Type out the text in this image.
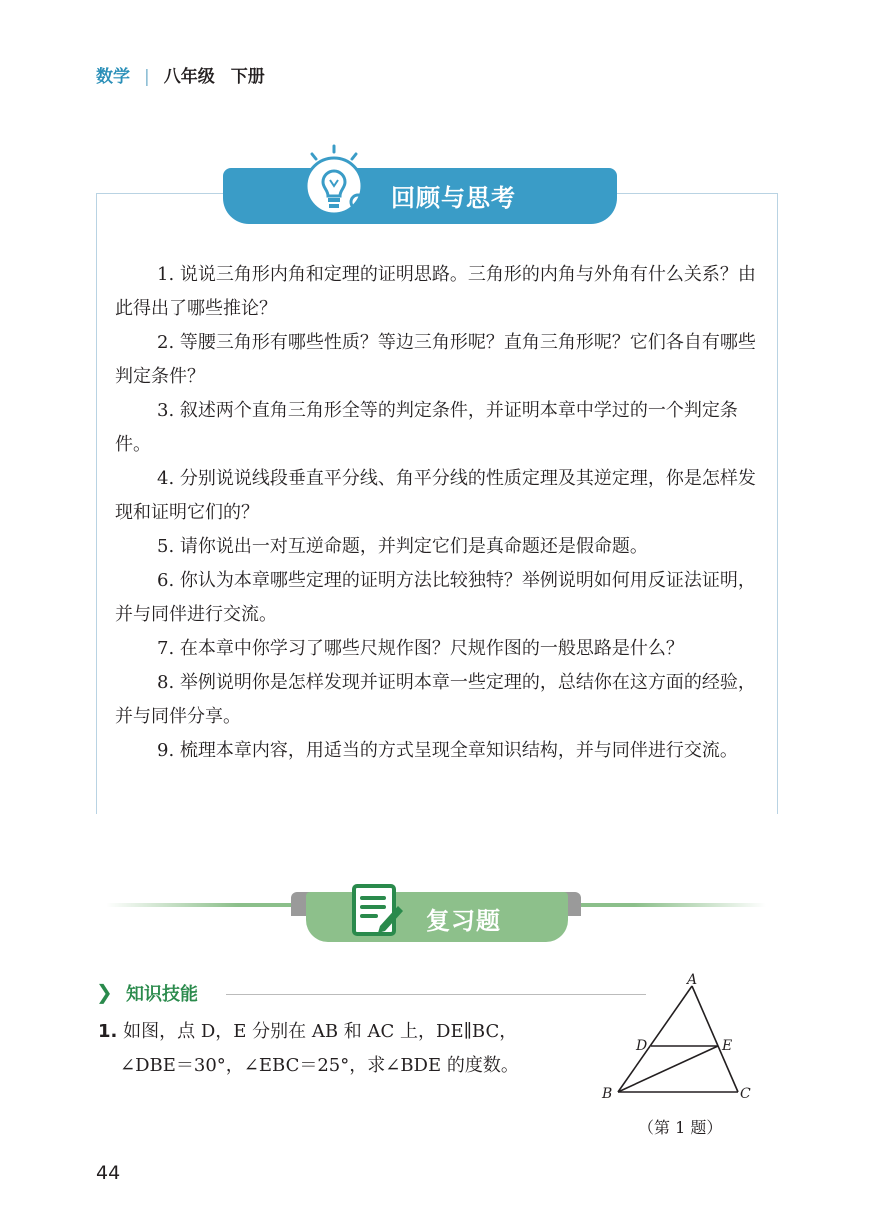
数学 | 八年级 下册
回顾与思考

1. 说说三角形内角和定理的证明思路。三角形的内角与外角有什么关系？由此得出了哪些推论？

2. 等腰三角形有哪些性质？等边三角形呢？直角三角形呢？它们各自有哪些判定条件？

3. 叙述两个直角三角形全等的判定条件，并证明本章中学过的一个判定条件。

4. 分别说说线段垂直平分线、角平分线的性质定理及其逆定理，你是怎样发现和证明它们的？

5. 请你说出一对互逆命题，并判定它们是真命题还是假命题。

6. 你认为本章哪些定理的证明方法比较独特？举例说明如何用反证法证明，并与同伴进行交流。

7. 在本章中你学习了哪些尺规作图？尺规作图的一般思路是什么？

8. 举例说明你是怎样发现并证明本章一些定理的，总结你在这方面的经验，并与同伴分享。

9. 梳理本章内容，用适当的方式呈现全章知识结构，并与同伴进行交流。

复习题
❯ 知识技能
1. 如图，点 D，E 分别在 AB 和 AC 上，DE∥BC，
∠DBE＝30°，∠EBC＝25°，求∠BDE 的度数。
A
B	C
D	E
（第 1 题）
44
